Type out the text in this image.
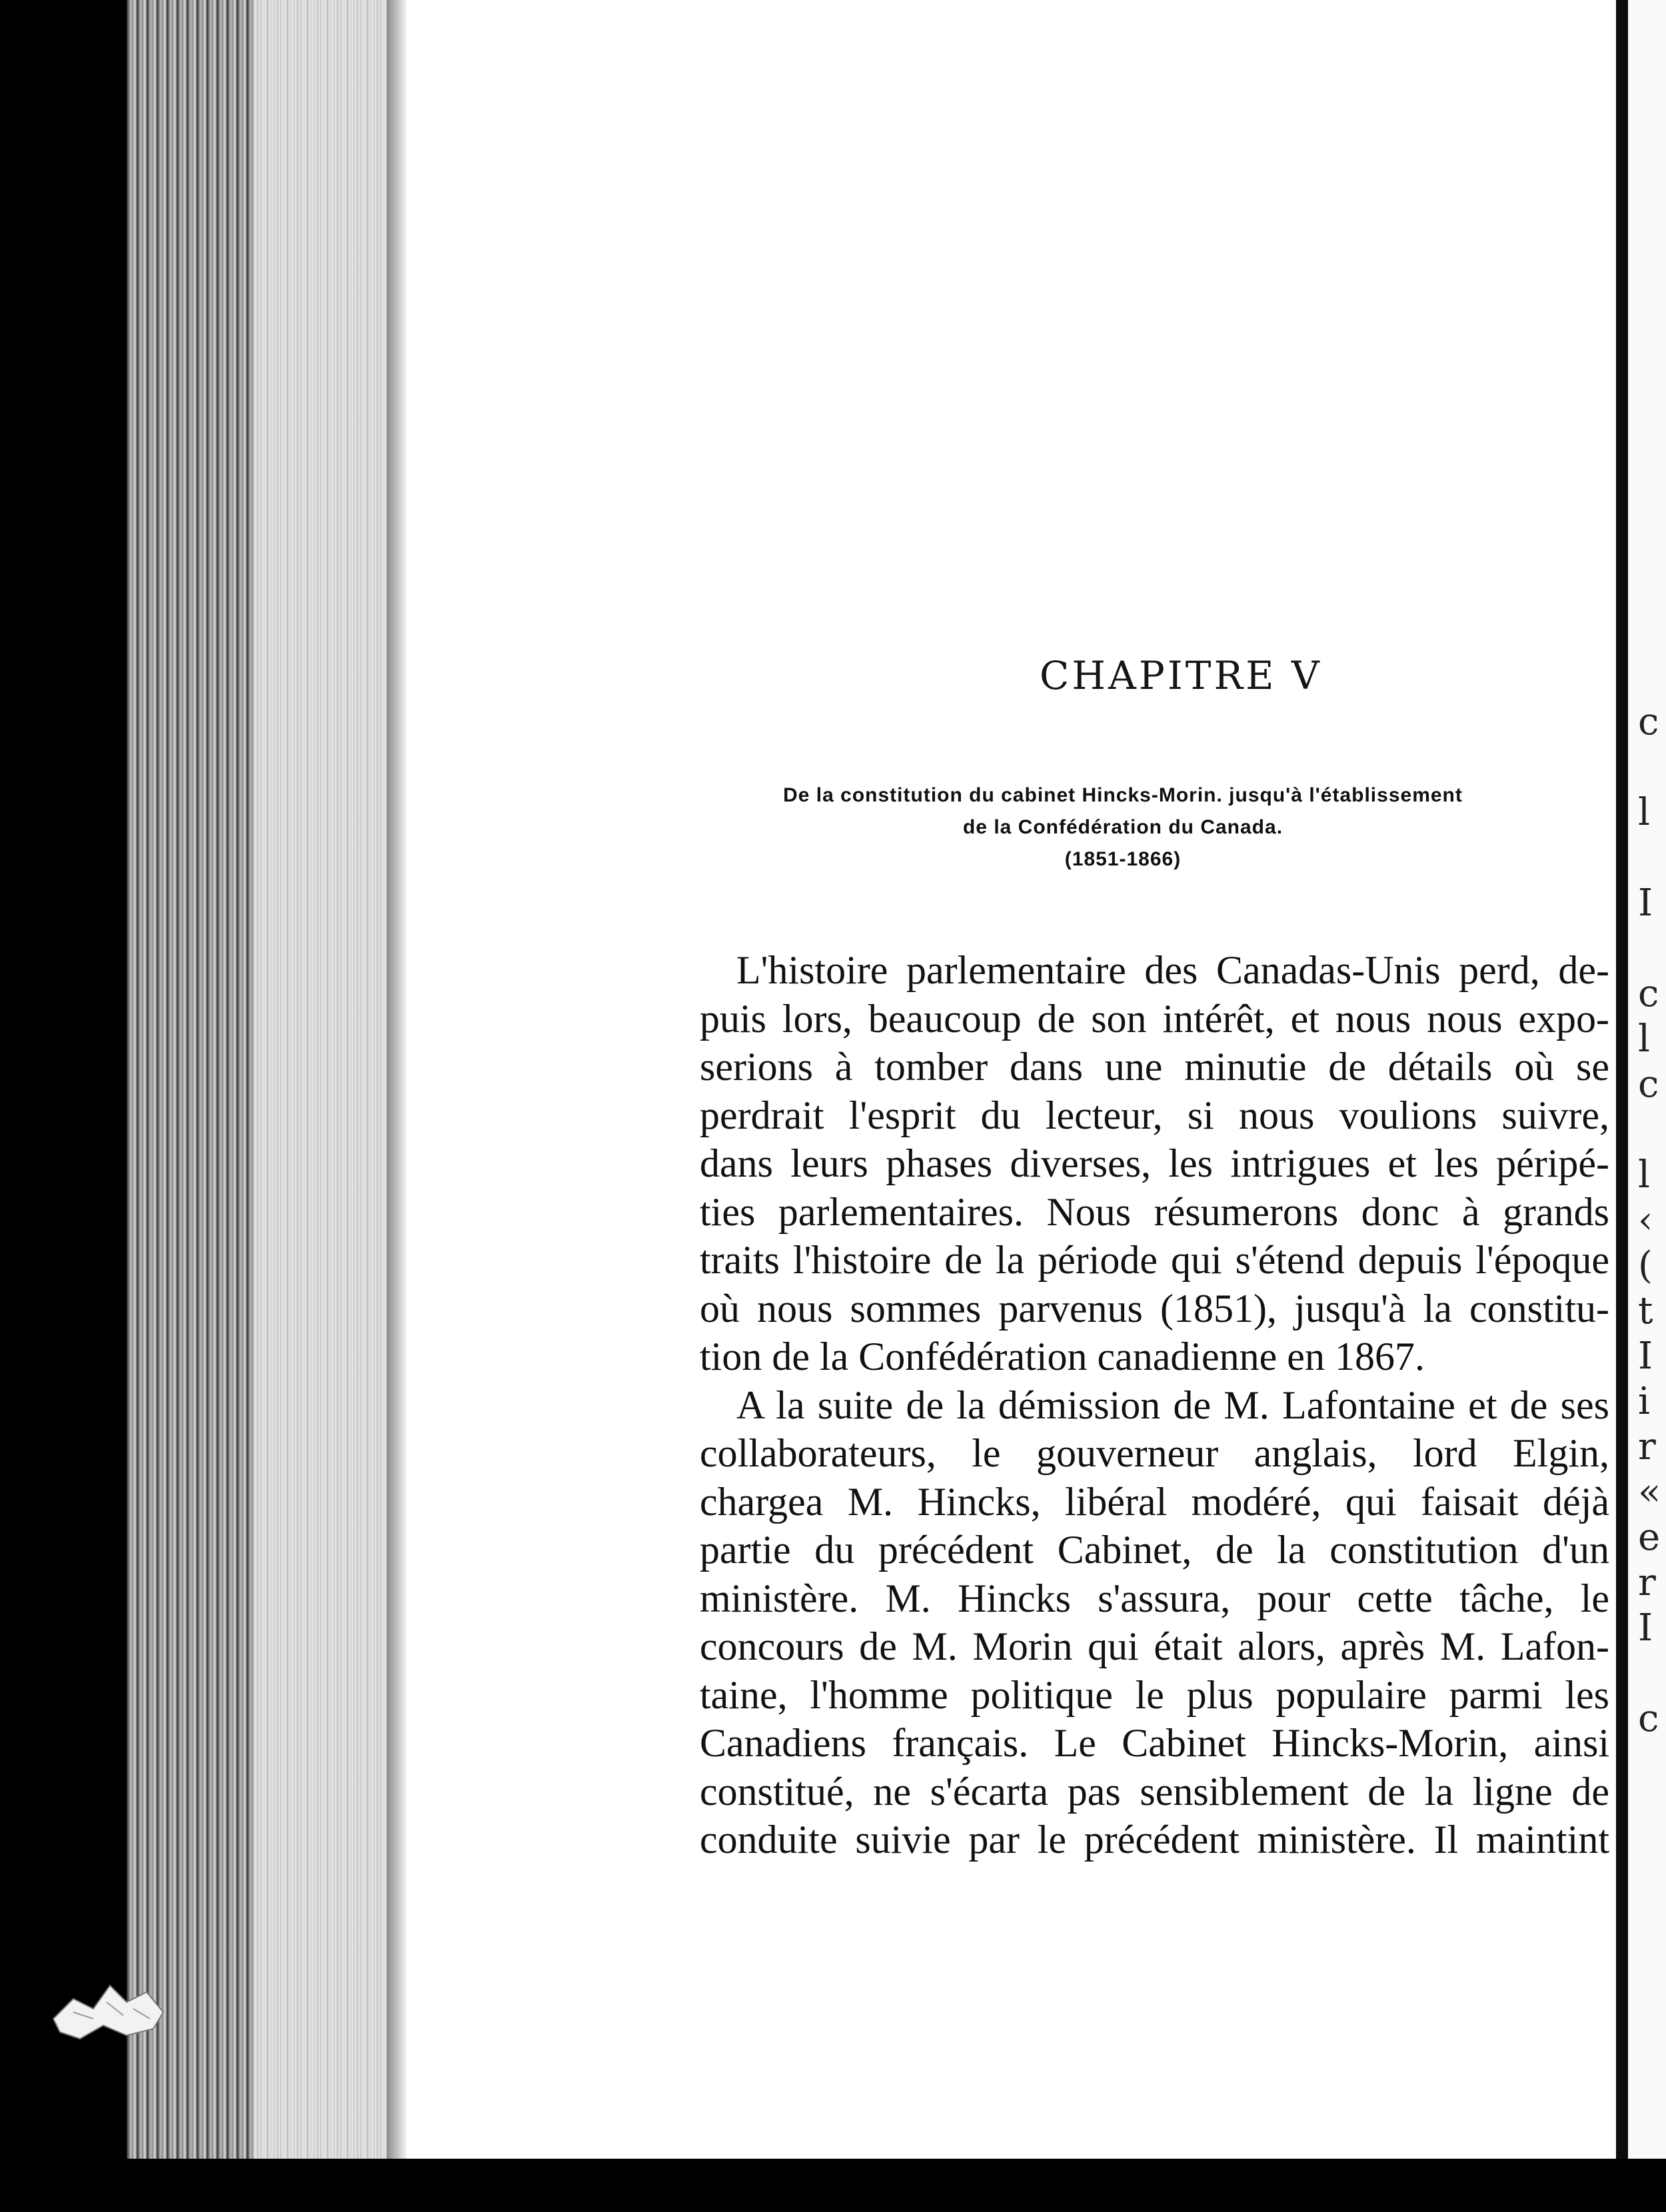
c

l

I

c
l
c

l
‹
(
t
I
i
r
«
e
r
I

c
CHAPITRE V
De la constitution du cabinet Hincks-Morin. jusqu'à l'établissement
de la Confédération du Canada.
(1851-1866)
L'histoire parlementaire des Canadas-Unis perd, de-
puis lors, beaucoup de son intérêt, et nous nous expo-
serions à tomber dans une minutie de détails où se
perdrait l'esprit du lecteur, si nous voulions suivre,
dans leurs phases diverses, les intrigues et les péripé-
ties parlementaires. Nous résumerons donc à grands
traits l'histoire de la période qui s'étend depuis l'époque
où nous sommes parvenus (1851), jusqu'à la constitu-
tion de la Confédération canadienne en 1867.
A la suite de la démission de M. Lafontaine et de ses
collaborateurs, le gouverneur anglais, lord Elgin,
chargea M. Hincks, libéral modéré, qui faisait déjà
partie du précédent Cabinet, de la constitution d'un
ministère. M. Hincks s'assura, pour cette tâche, le
concours de M. Morin qui était alors, après M. Lafon-
taine, l'homme politique le plus populaire parmi les
Canadiens français. Le Cabinet Hincks-Morin, ainsi
constitué, ne s'écarta pas sensiblement de la ligne de
conduite suivie par le précédent ministère. Il maintint
